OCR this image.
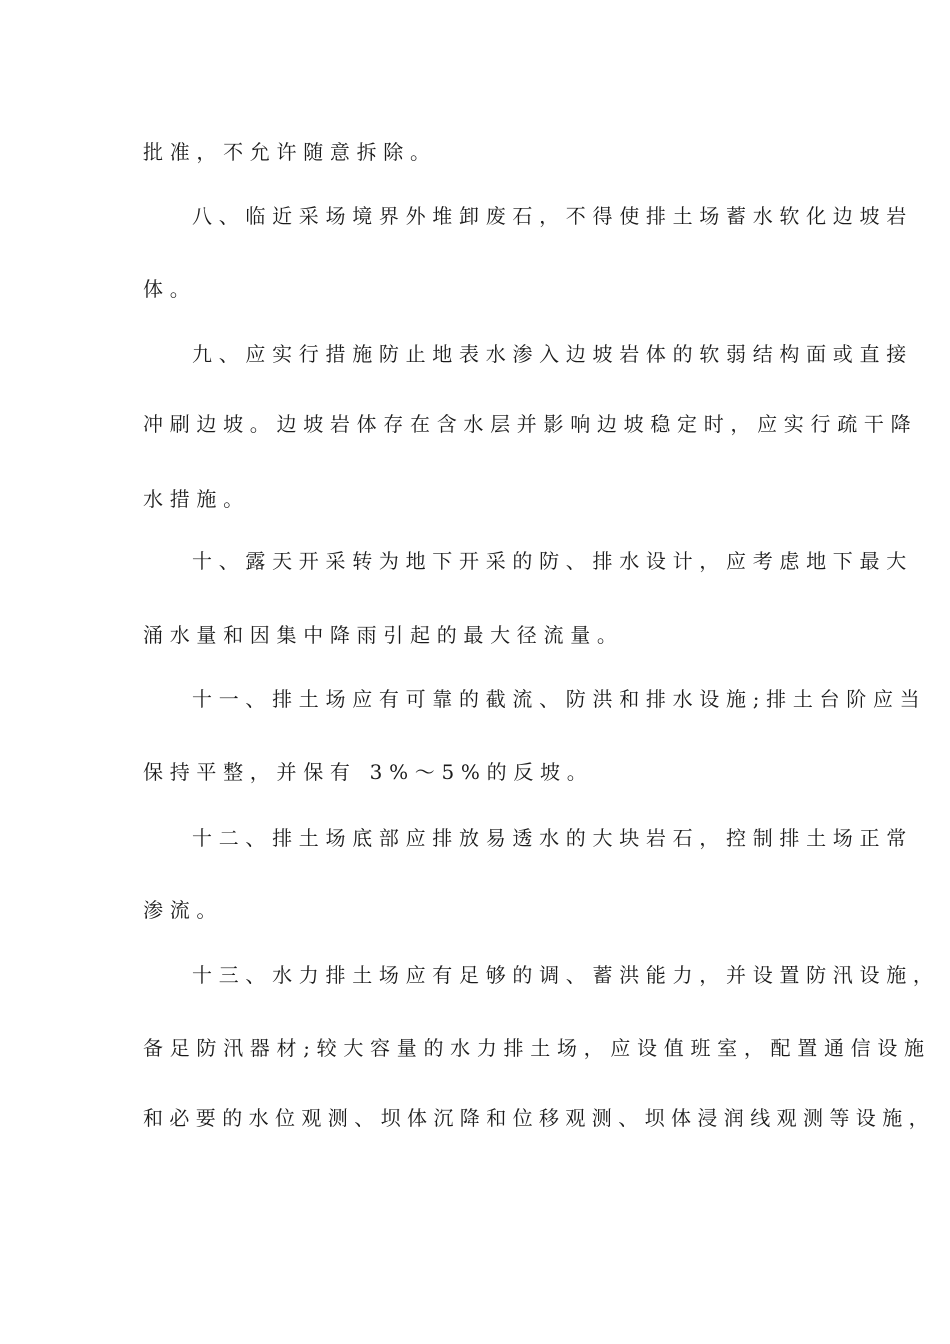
批准，不允许随意拆除。
八、临近采场境界外堆卸废石，不得使排土场蓄水软化边坡岩
体。
九、应实行措施防止地表水渗入边坡岩体的软弱结构面或直接
冲刷边坡。边坡岩体存在含水层并影响边坡稳定时，应实行疏干降
水措施。
十、露天开采转为地下开采的防、排水设计，应考虑地下最大
涌水量和因集中降雨引起的最大径流量。
十一、排土场应有可靠的截流、防洪和排水设施;排土台阶应当
保持平整，并保有 3%～5%的反坡。
十二、排土场底部应排放易透水的大块岩石，控制排土场正常
渗流。
十三、水力排土场应有足够的调、蓄洪能力，并设置防汛设施，
备足防汛器材;较大容量的水力排土场，应设值班室，配置通信设施
和必要的水位观测、坝体沉降和位移观测、坝体浸润线观测等设施，
